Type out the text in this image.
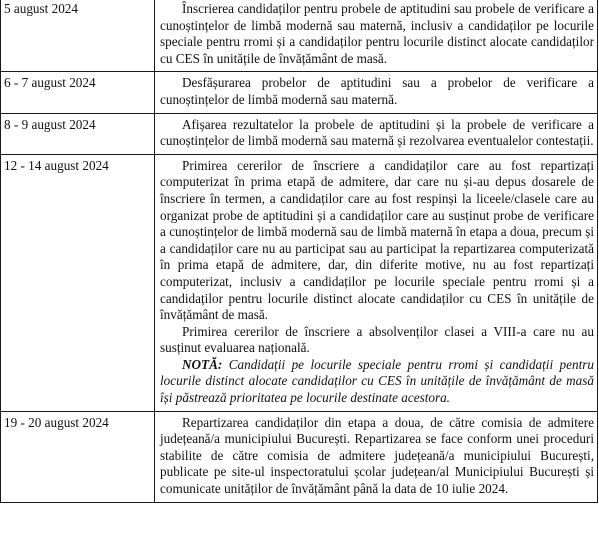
5 august 2024	Înscrierea candidaților pentru probele de aptitudini sau probele de verificare a cunoștințelor de limbă modernă sau maternă, inclusiv a candidaților pe locurile speciale pentru rromi și a candidaților pentru locurile distinct alocate candidaților cu CES în unitățile de învățământ de masă.

6 - 7 august 2024	Desfășurarea probelor de aptitudini sau a probelor de verificare a cunoștințelor de limbă modernă sau maternă.

8 - 9 august 2024	Afișarea rezultatelor la probele de aptitudini și la probele de verificare a cunoștințelor de limbă modernă sau maternă și rezolvarea eventualelor contestații.

12 - 14 august 2024	Primirea cererilor de înscriere a candidaților care au fost repartizați computerizat în prima etapă de admitere, dar care nu și-au depus dosarele de înscriere în termen, a candidaților care au fost respinși la liceele/clasele care au organizat probe de aptitudini și a candidaților care au susținut probe de verificare a cunoștințelor de limbă modernă sau de limbă maternă în etapa a doua, precum și a candidaților care nu au participat sau au participat la repartizarea computerizată în prima etapă de admitere, dar, din diferite motive, nu au fost repartizați computerizat, inclusiv a candidaților pe locurile speciale pentru rromi și a candidaților pentru locurile distinct alocate candidaților cu CES în unitățile de învățământ de masă.

Primirea cererilor de înscriere a absolvenților clasei a VIII-a care nu au susținut evaluarea națională.

NOTĂ: Candidații pe locurile speciale pentru rromi și candidații pentru locurile distinct alocate candidaților cu CES în unitățile de învățământ de masă își păstrează prioritatea pe locurile destinate acestora.

19 - 20 august 2024	Repartizarea candidaților din etapa a doua, de către comisia de admitere județeană/a municipiului București. Repartizarea se face conform unei proceduri stabilite de către comisia de admitere județeană/a municipiului București, publicate pe site-ul inspectoratului școlar județean/al Municipiului București și comunicate unităților de învățământ până la data de 10 iulie 2024.
